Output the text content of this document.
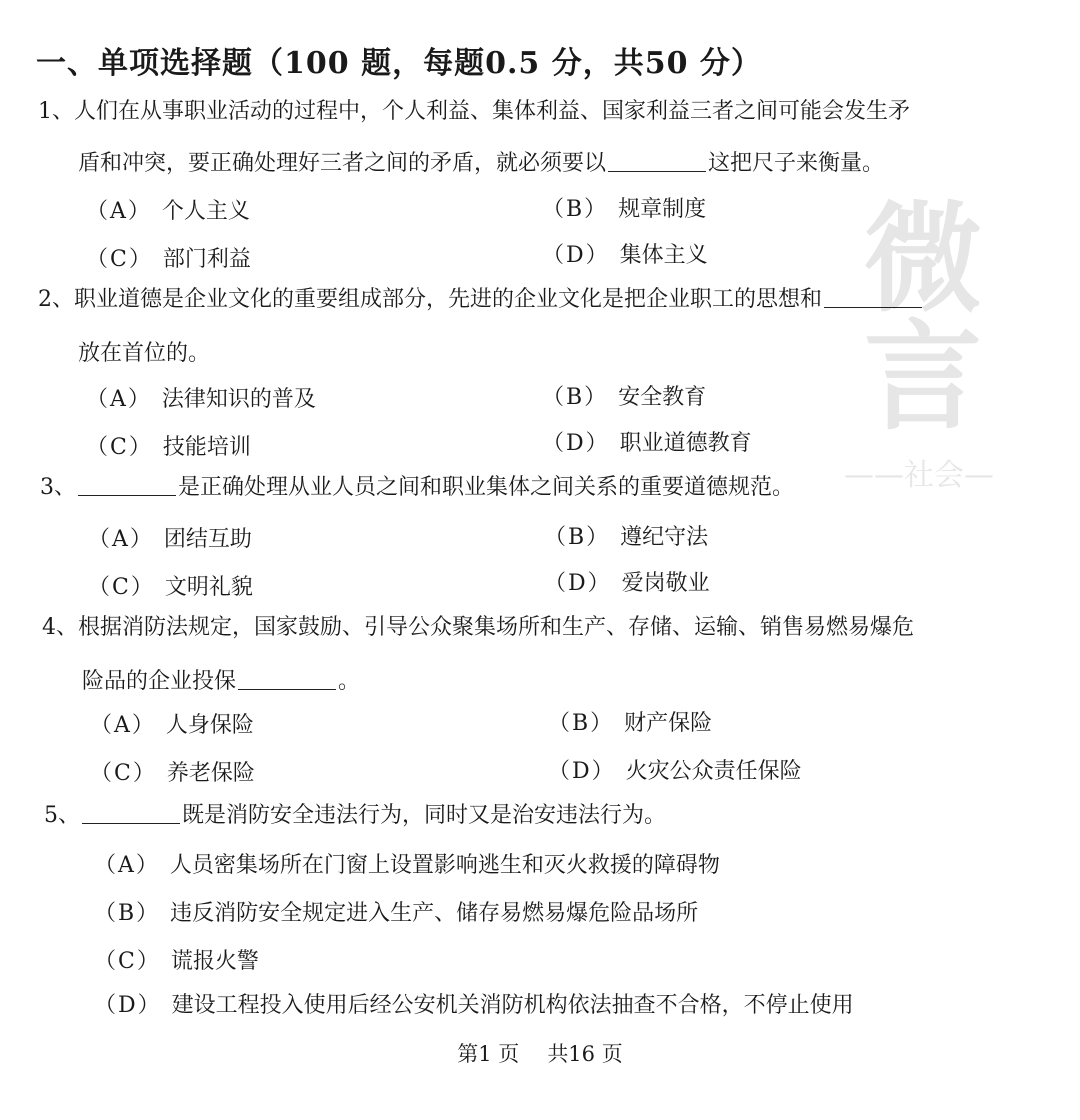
微言
——社会—
一、单项选择题（100 题，每题0.5 分，共50 分）
1、人们在从事职业活动的过程中，个人利益、集体利益、国家利益三者之间可能会发生矛
盾和冲突，要正确处理好三者之间的矛盾，就必须要以	这把尺子来衡量。
（A） 个人主义	（B） 规章制度
（C） 部门利益	（D） 集体主义
2、职业道德是企业文化的重要组成部分，先进的企业文化是把企业职工的思想和
放在首位的。
（A） 法律知识的普及	（B） 安全教育
（C） 技能培训	（D） 职业道德教育
3、	是正确处理从业人员之间和职业集体之间关系的重要道德规范。
（A） 团结互助	（B） 遵纪守法
（C） 文明礼貌	（D） 爱岗敬业
4、根据消防法规定，国家鼓励、引导公众聚集场所和生产、存储、运输、销售易燃易爆危
险品的企业投保	。
（A） 人身保险	（B） 财产保险
（C） 养老保险	（D） 火灾公众责任保险
5、	既是消防安全违法行为，同时又是治安违法行为。
（A） 人员密集场所在门窗上设置影响逃生和灭火救援的障碍物
（B） 违反消防安全规定进入生产、储存易燃易爆危险品场所
（C） 谎报火警
（D） 建设工程投入使用后经公安机关消防机构依法抽查不合格，不停止使用
第1 页 共16 页
